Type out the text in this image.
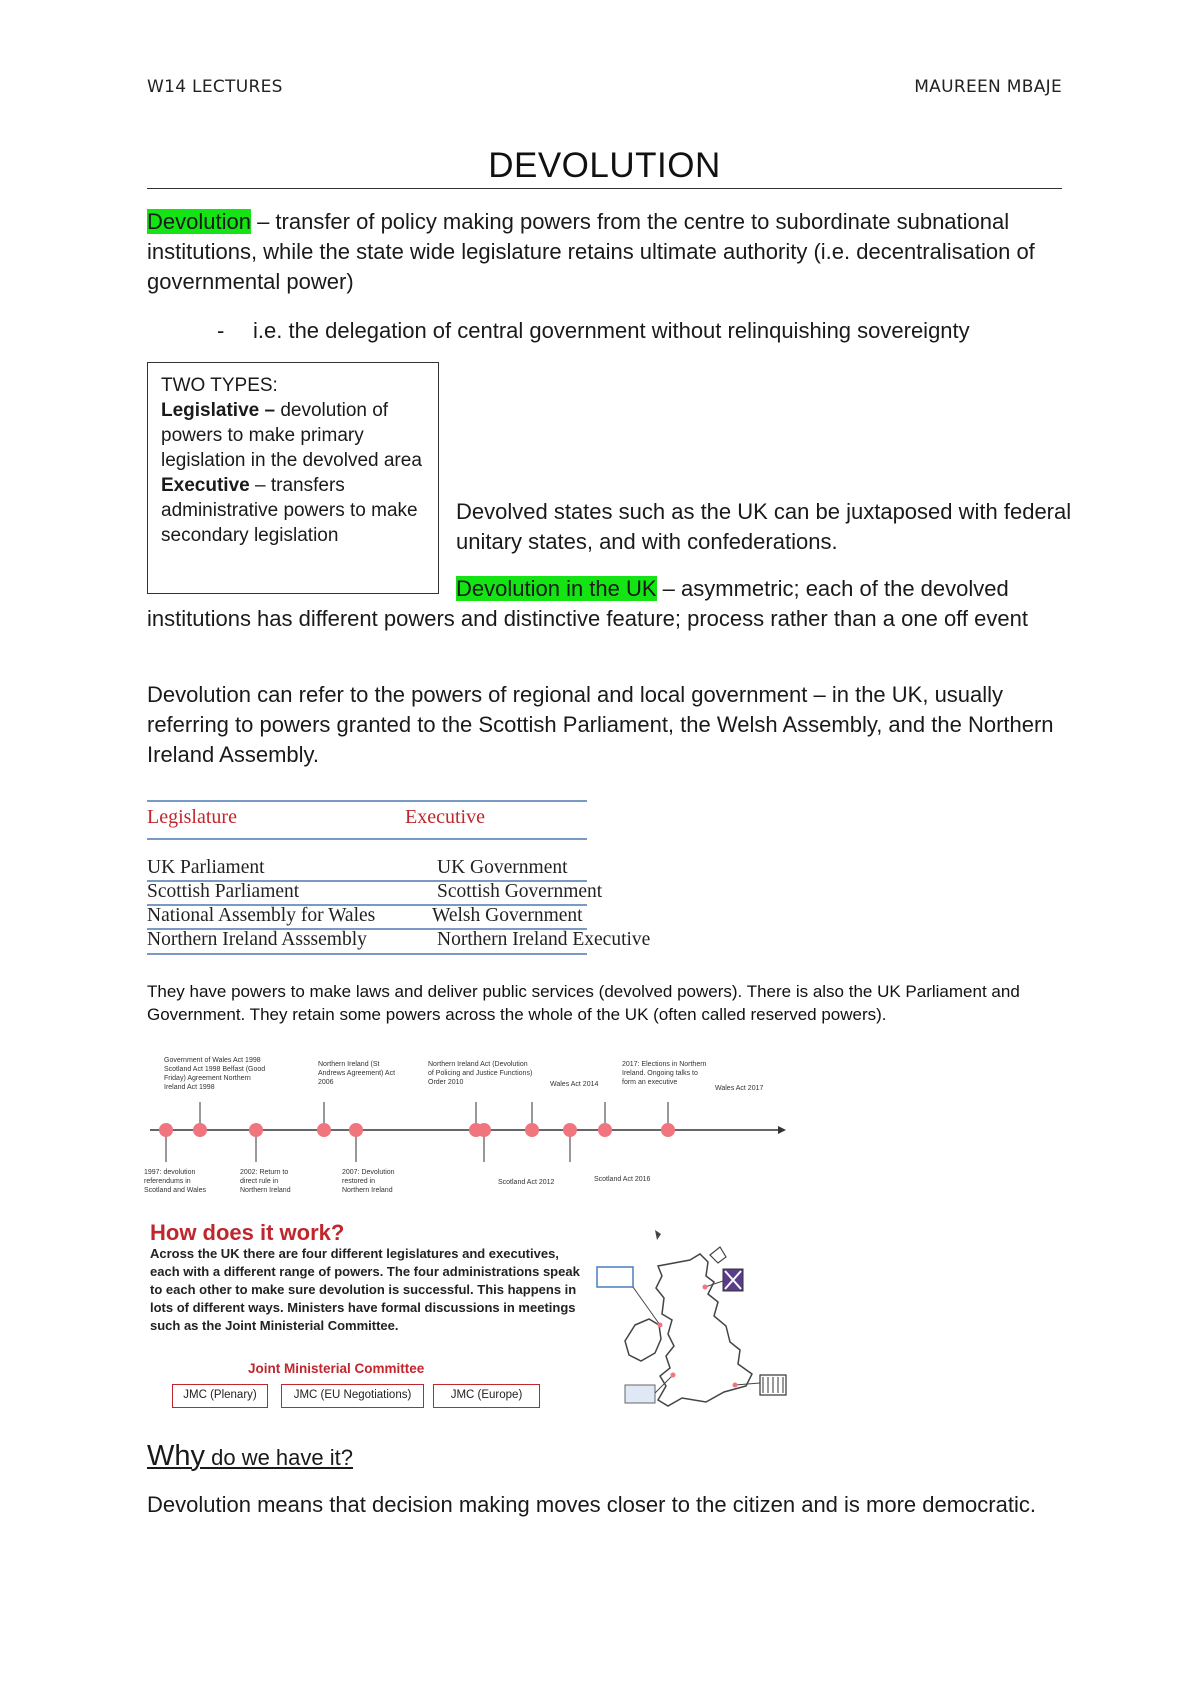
W14 LECTURES	MAUREEN MBAJE
DEVOLUTION
Devolution – transfer of policy making powers from the centre to subordinate subnational institutions, while the state wide legislature retains ultimate authority (i.e. decentralisation of governmental power)
- i.e. the delegation of central government without relinquishing sovereignty
TWO TYPES:
Legislative – devolution of powers to make primary legislation in the devolved area
Executive – transfers administrative powers to make secondary legislation
Devolved states such as the UK can be juxtaposed with federal unitary states, and with confederations.
Devolution in the UK – asymmetric; each of the devolved institutions has different powers and distinctive feature; process rather than a one off event
Devolution can refer to the powers of regional and local government – in the UK, usually referring to powers granted to the Scottish Parliament, the Welsh Assembly, and the Northern Ireland Assembly.
Legislature	Executive
UK Parliament	UK Government
Scottish Parliament	Scottish Government
National Assembly for Wales	Welsh Government
Northern Ireland Asssembly	Northern Ireland Executive
They have powers to make laws and deliver public services (devolved powers). There is also the UK Parliament and Government. They retain some powers across the whole of the UK (often called reserved powers).
Government of Wales Act 1998 Scotland Act 1998 Belfast (Good Friday) Agreement Northern Ireland Act 1998
Northern Ireland (St Andrews Agreement) Act 2006
Northern Ireland Act (Devolution of Policing and Justice Functions) Order 2010	Wales Act 2014
2017: Elections in Northern Ireland. Ongoing talks to form an executive
Wales Act 2017
1997: devolution referendums in Scotland and Wales
2002: Return to direct rule in Northern Ireland
2007: Devolution restored in Northern Ireland
Scotland Act 2012	Scotland Act 2016
How does it work?
Across the UK there are four different legislatures and executives, each with a different range of powers. The four administrations speak to each other to make sure devolution is successful. This happens in lots of different ways. Ministers have formal discussions in meetings such as the Joint Ministerial Committee.
Joint Ministerial Committee
JMC (Plenary)	JMC (EU Negotiations)	JMC (Europe)
Why do we have it?
Devolution means that decision making moves closer to the citizen and is more democratic.
